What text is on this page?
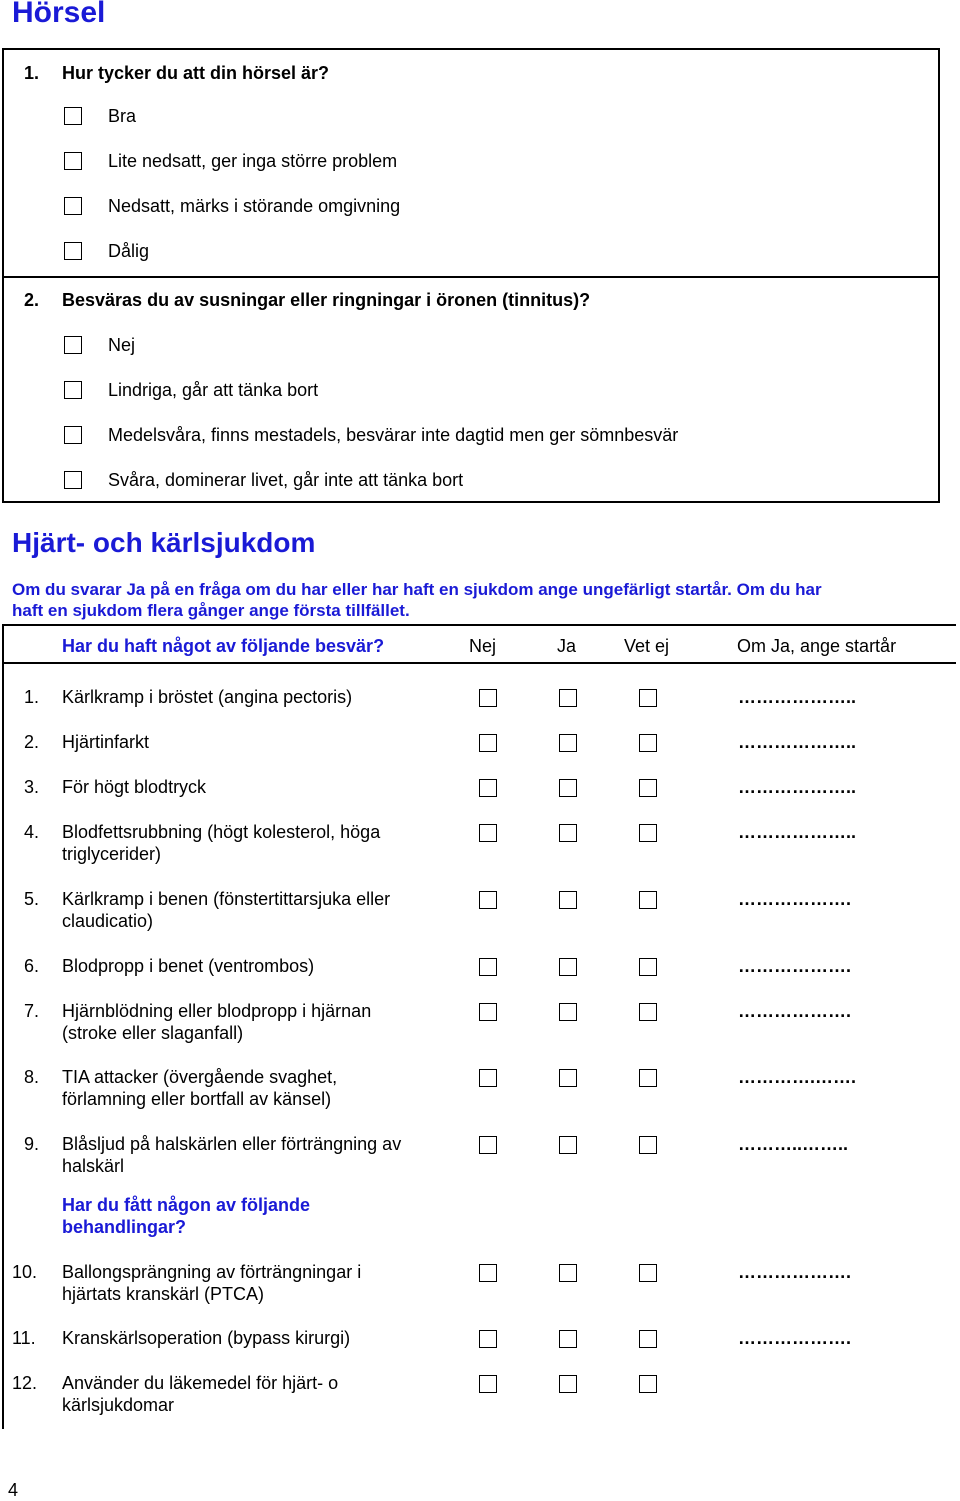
Hörsel
1. Hur tycker du att din hörsel är?
Bra
Lite nedsatt, ger inga större problem
Nedsatt, märks i störande omgivning
Dålig
2. Besväras du av susningar eller ringningar i öronen (tinnitus)?
Nej
Lindriga, går att tänka bort
Medelsvåra, finns mestadels, besvärar inte dagtid men ger sömnbesvär
Svåra, dominerar livet, går inte att tänka bort
Hjärt- och kärlsjukdom
Om du svarar Ja på en fråga om du har eller har haft en sjukdom ange ungefärligt startår. Om du har
haft en sjukdom flera gånger ange första tillfället.
Har du haft något av följande besvär?	Nej	Ja	Vet ej	Om Ja, ange startår
1. Kärlkramp i bröstet (angina pectoris)	………………..
2. Hjärtinfarkt	………………..
3. För högt blodtryck	………………..
4. Blodfettsrubbning (högt kolesterol, höga
triglycerider)
………………..
5. Kärlkramp i benen (fönstertittarsjuka eller
claudicatio)
……………….
6. Blodpropp i benet (ventrombos)	……………….
7. Hjärnblödning eller blodpropp i hjärnan
(stroke eller slaganfall)
……………….
8. TIA attacker (övergående svaghet,
förlamning eller bortfall av känsel)
………….…….
9. Blåsljud på halskärlen eller förträngning av
halskärl
………..……..
10. Ballongsprängning av förträngningar i
hjärtats kranskärl (PTCA)
……………….
11. Kranskärlsoperation (bypass kirurgi)	……………….
12. Använder du läkemedel för hjärt- o
kärlsjukdomar
Har du fått någon av följande
behandlingar?
4
